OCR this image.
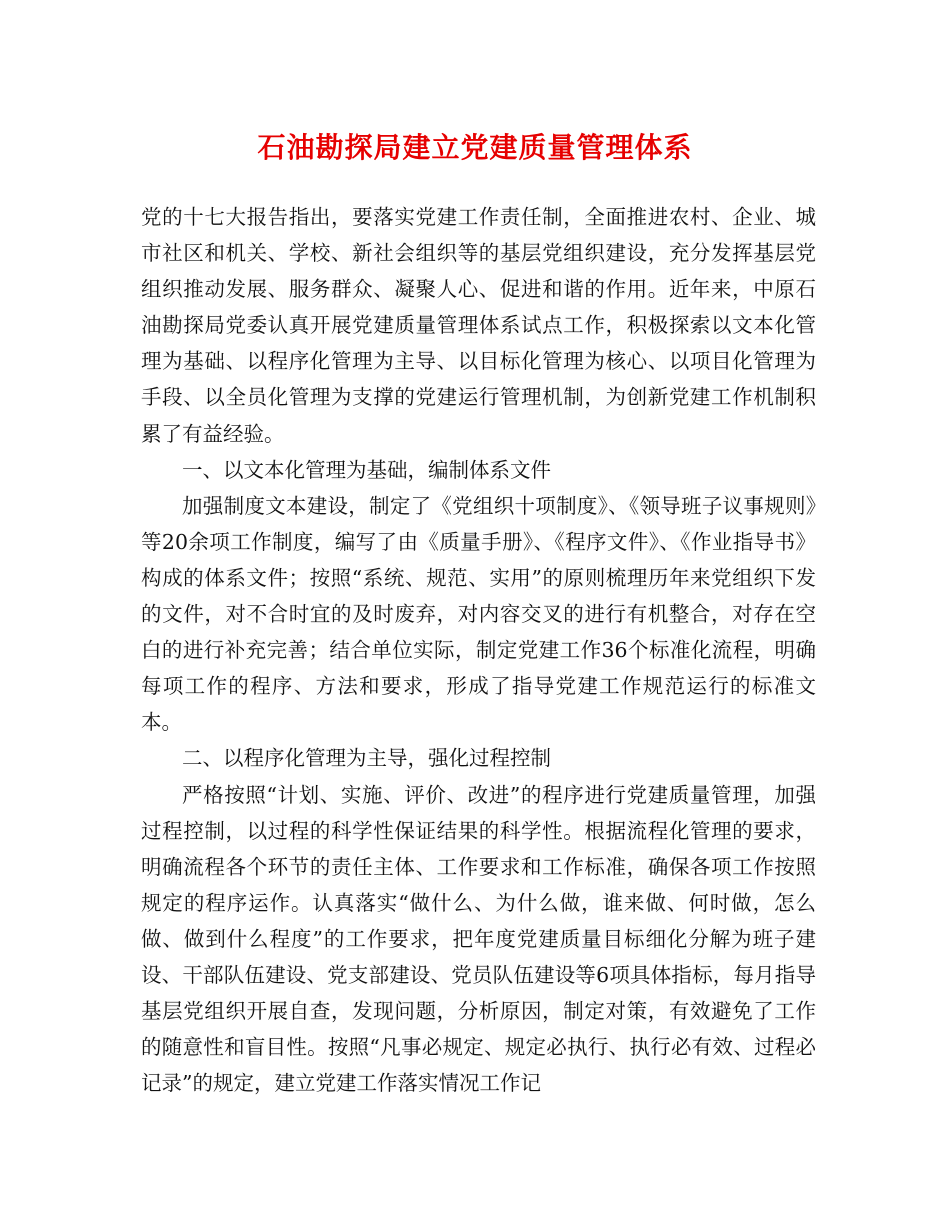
石油勘探局建立党建质量管理体系

党的十七大报告指出，要落实党建工作责任制，全面推进农村、企业、城市社区和机关、学校、新社会组织等的基层党组织建设，充分发挥基层党组织推动发展、服务群众、凝聚人心、促进和谐的作用。近年来，中原石油勘探局党委认真开展党建质量管理体系试点工作，积极探索以文本化管理为基础、以程序化管理为主导、以目标化管理为核心、以项目化管理为手段、以全员化管理为支撑的党建运行管理机制，为创新党建工作机制积累了有益经验。

一、以文本化管理为基础，编制体系文件

加强制度文本建设，制定了《党组织十项制度》、《领导班子议事规则》等20余项工作制度，编写了由《质量手册》、《程序文件》、《作业指导书》构成的体系文件；按照“系统、规范、实用”的原则梳理历年来党组织下发的文件，对不合时宜的及时废弃，对内容交叉的进行有机整合，对存在空白的进行补充完善；结合单位实际，制定党建工作36个标准化流程，明确每项工作的程序、方法和要求，形成了指导党建工作规范运行的标准文本。

二、以程序化管理为主导，强化过程控制

严格按照“计划、实施、评价、改进”的程序进行党建质量管理，加强过程控制，以过程的科学性保证结果的科学性。根据流程化管理的要求，明确流程各个环节的责任主体、工作要求和工作标准，确保各项工作按照规定的程序运作。认真落实“做什么、为什么做，谁来做、何时做，怎么做、做到什么程度”的工作要求，把年度党建质量目标细化分解为班子建设、干部队伍建设、党支部建设、党员队伍建设等6项具体指标，每月指导基层党组织开展自查，发现问题，分析原因，制定对策，有效避免了工作的随意性和盲目性。按照“凡事必规定、规定必执行、执行必有效、过程必记录”的规定，建立党建工作落实情况工作记
